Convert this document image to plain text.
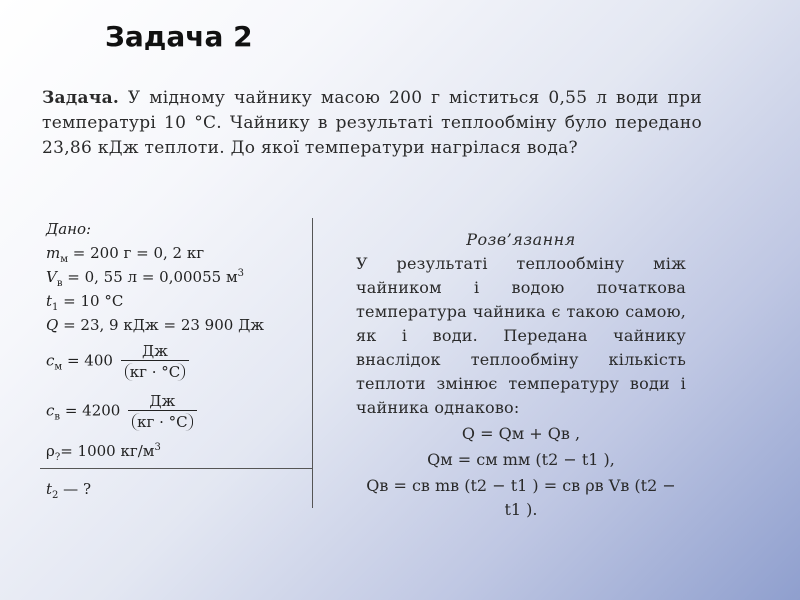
Задача 2
Задача. У мідному чайнику масою 200 г міститься 0,55 л води при температурі 10 °С. Чайнику в результаті теплообміну було передано 23,86 кДж теплоти. До якої температури нагрілася вода?
Дано:
$т_м = 200$ г = 0, 2 кг
$V_в = 0$, 55 л = 0,00055 $м^3$
$t_1 = 10$ °С
Q = 23, 9 кДж = 23 900 Дж
$c_м = 400 \frac{Дж}{кг \cdot ^\circ С}$
$c_в = 4200 \frac{Дж}{кг \cdot ^\circ С}$
$\rho_?= 1000$ $кг/м^3$
$t_2$ — ?
Розв’язання
У результаті теплообміну між чайником і водою початкова температура чайника є такою самою, як і води. Передана чайнику внаслідок теплообміну кількість теплоти змінює температуру води і чайника однаково:
Q = Qм + Qв ,
Qм = cм mм (t2 − t1 ),
Qв = cв mв (t2 − t1 ) = cв ρв Vв (t2 − t1 ).
